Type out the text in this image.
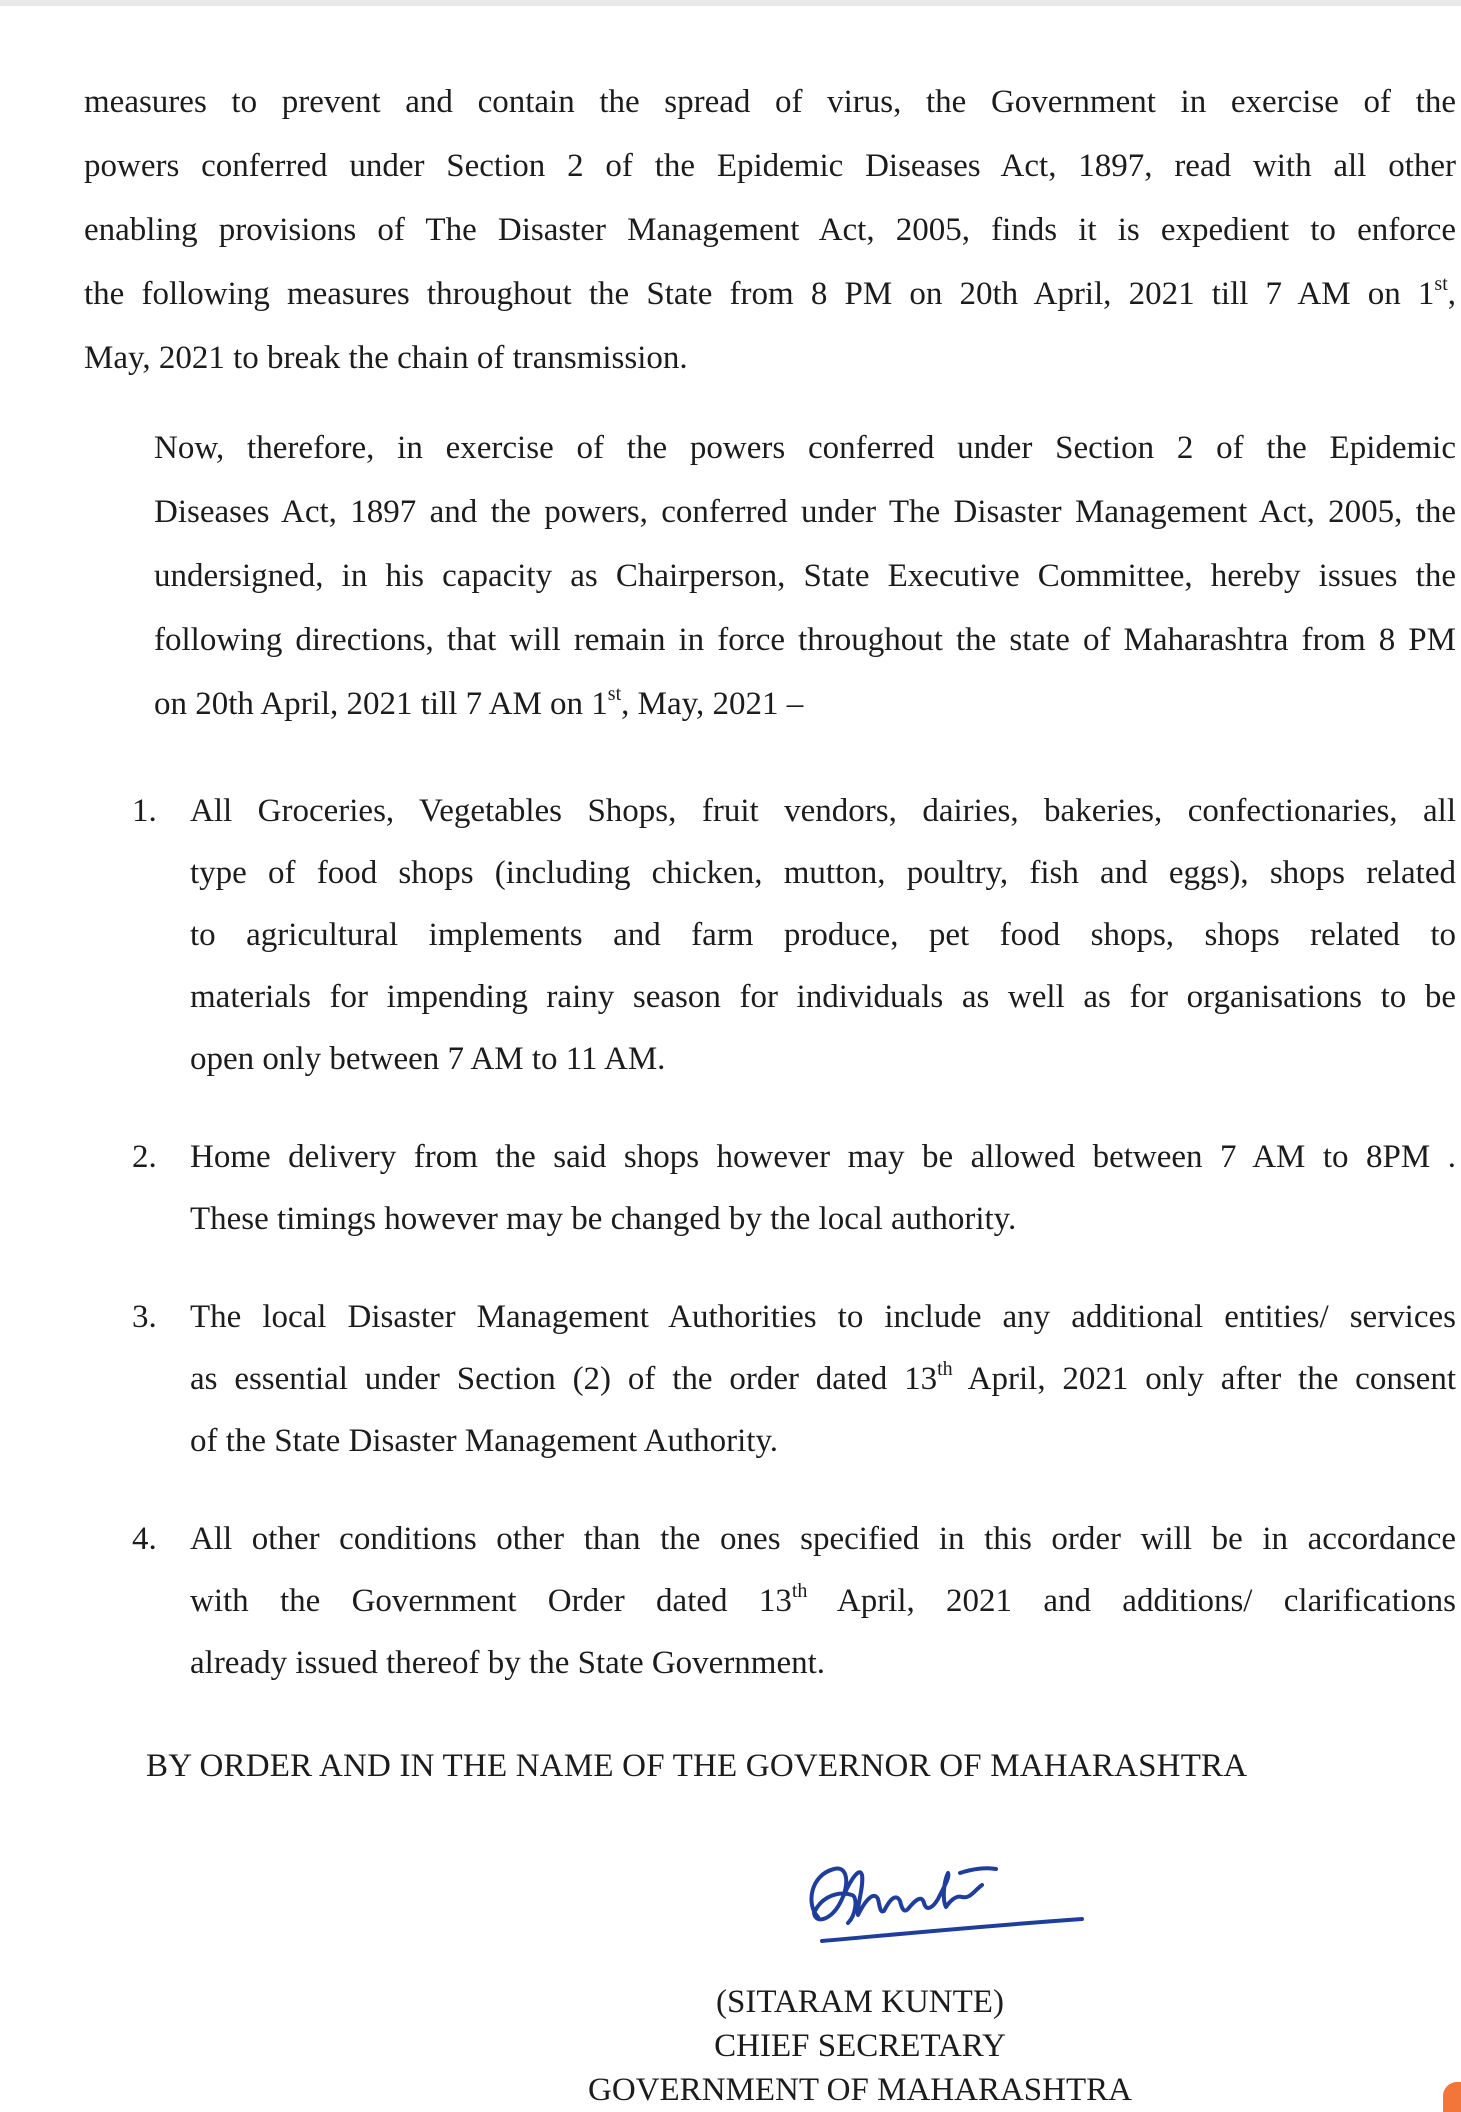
measures to prevent and contain the spread of virus, the Government in exercise of the
powers conferred under Section 2 of the Epidemic Diseases Act, 1897, read with all other
enabling provisions of The Disaster Management Act, 2005, finds it is expedient to enforce
the following measures throughout the State from 8 PM on 20th April, 2021 till 7 AM on 1st,
May, 2021 to break the chain of transmission.

Now, therefore, in exercise of the powers conferred under Section 2 of the Epidemic
Diseases Act, 1897 and the powers, conferred under The Disaster Management Act, 2005, the
undersigned, in his capacity as Chairperson, State Executive Committee, hereby issues the
following directions, that will remain in force throughout the state of Maharashtra from 8 PM
on 20th April, 2021 till 7 AM on 1st, May, 2021 –

1. All Groceries, Vegetables Shops, fruit vendors, dairies, bakeries, confectionaries, all
type of food shops (including chicken, mutton, poultry, fish and eggs), shops related
to agricultural implements and farm produce, pet food shops, shops related to
materials for impending rainy season for individuals as well as for organisations to be
open only between 7 AM to 11 AM.
2. Home delivery from the said shops however may be allowed between 7 AM to 8PM .
These timings however may be changed by the local authority.
3. The local Disaster Management Authorities to include any additional entities/ services
as essential under Section (2) of the order dated 13th April, 2021 only after the consent
of the State Disaster Management Authority.
4. All other conditions other than the ones specified in this order will be in accordance
with the Government Order dated 13th April, 2021 and additions/ clarifications
already issued thereof by the State Government.
BY ORDER AND IN THE NAME OF THE GOVERNOR OF MAHARASHTRA
(SITARAM KUNTE)
CHIEF SECRETARY
GOVERNMENT OF MAHARASHTRA
